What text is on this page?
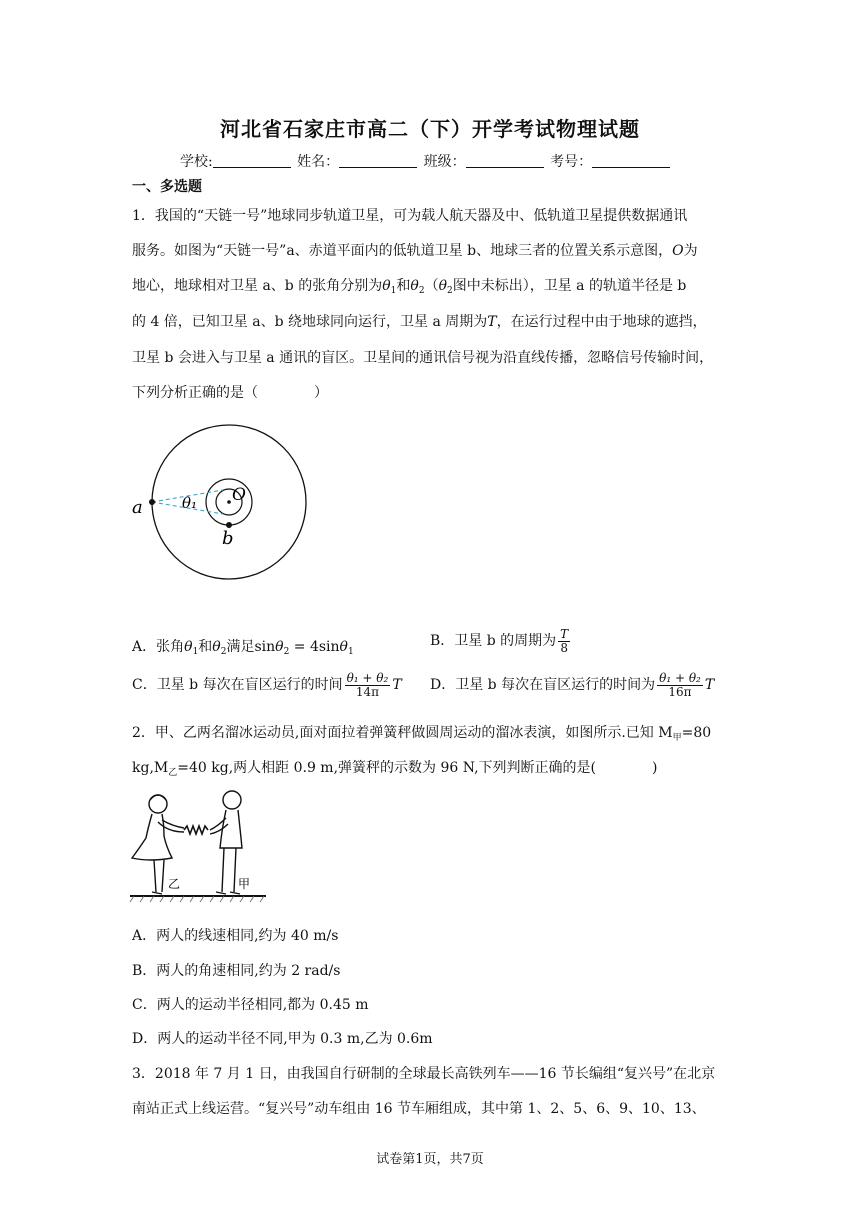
河北省石家庄市高二（下）开学考试物理试题
学校:	姓名：	班级：	考号：
一、多选题
1．我国的“天链一号”地球同步轨道卫星，可为载人航天器及中、低轨道卫星提供数据通讯
服务。如图为“天链一号”a、赤道平面内的低轨道卫星 b、地球三者的位置关系示意图，O为
地心，地球相对卫星 a、b 的张角分别为$\theta_1$和$\theta_2(\theta_2$图中未标出），卫星 a 的轨道半径是 b
的 4 倍，已知卫星 a、b 绕地球同向运行，卫星 a 周期为T，在运行过程中由于地球的遮挡，
卫星 b 会进入与卫星 a 通讯的盲区。卫星间的通讯信号视为沿直线传播，忽略信号传输时间，
下列分析正确的是（　　　　）
a
b
O
θ₁
A．张角$\theta_1$和$\theta_2$满足sinθ$_2$ = 4sinθ$_1$
B．卫星 b 的周期为 $\frac{T}{8}$
C．卫星 b 每次在盲区运行的时间 $\frac{\text{θ₁ + θ₂}}{14\pi}$ T D．卫星 b 每次在盲区运行的时间为 $\frac{\text{θ₁ + θ₂}}{16\pi}$ T
2．甲、乙两名溜冰运动员,面对面拉着弹簧秤做圆周运动的溜冰表演，如图所示.已知 $M_甲=80$
$kg,M_乙=40$ kg,两人相距 0.9 m,弹簧秤的示数为 96 N,下列判断正确的是(　　　　)
乙	甲
A．两人的线速相同,约为 40 m/s
B．两人的角速相同,约为 2 rad/s
C．两人的运动半径相同,都为 0.45 m
D．两人的运动半径不同,甲为 0.3 m,乙为 0.6m
3．2018 年 7 月 1 日，由我国自行研制的全球最长高铁列车——16 节长编组“复兴号”在北京
南站正式上线运营。“复兴号”动车组由 16 节车厢组成，其中第 1、2、5、6、9、10、13、
试卷第1页，共7页
